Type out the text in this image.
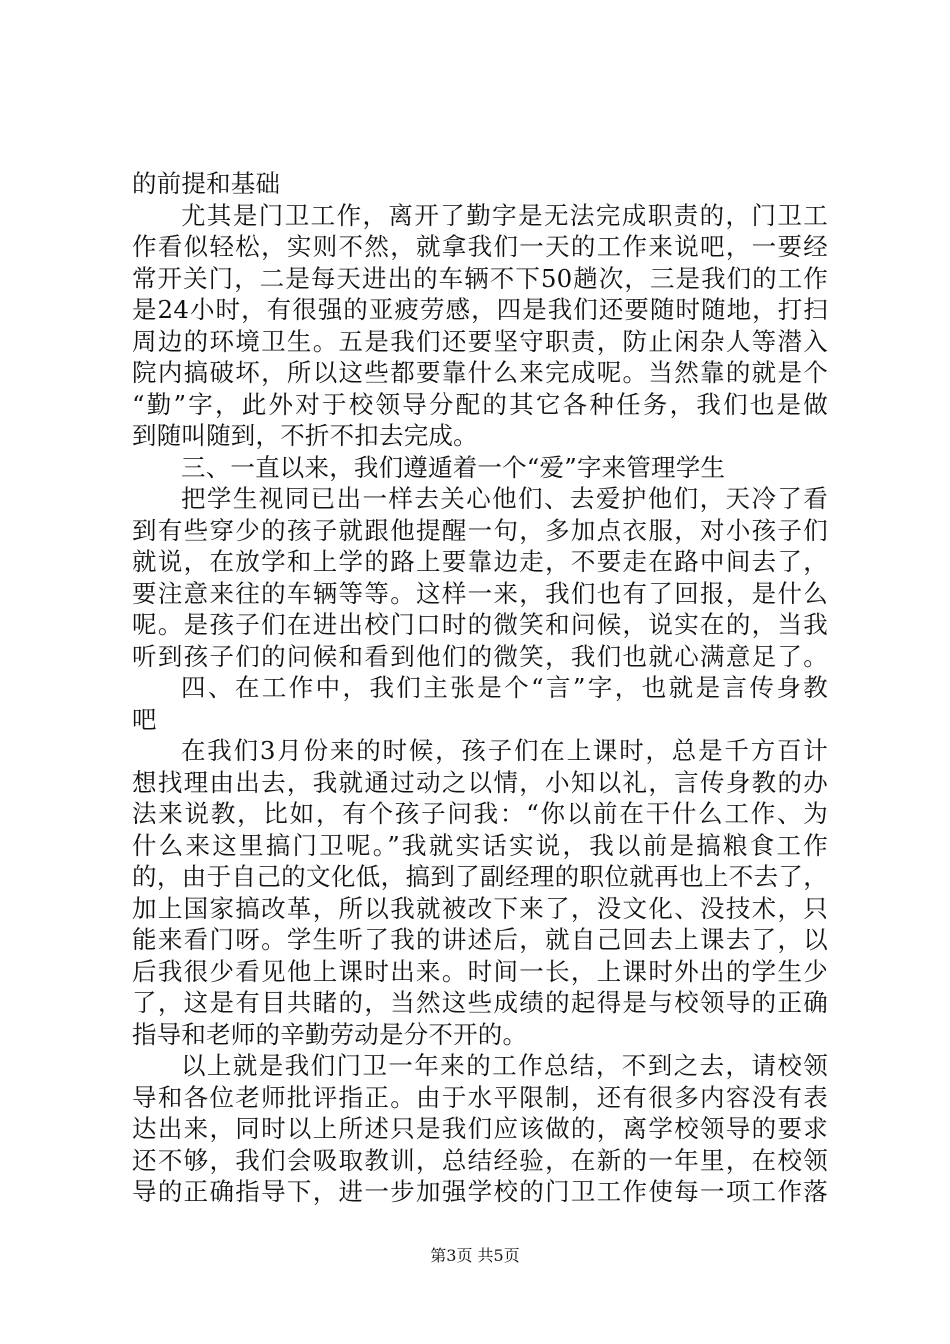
的前提和基础
尤其是门卫工作，离开了勤字是无法完成职责的，门卫工
作看似轻松，实则不然，就拿我们一天的工作来说吧，一要经
常开关门，二是每天进出的车辆不下50趟次，三是我们的工作
是24小时，有很强的亚疲劳感，四是我们还要随时随地，打扫
周边的环境卫生。五是我们还要坚守职责，防止闲杂人等潜入
院内搞破坏，所以这些都要靠什么来完成呢。当然靠的就是个
“勤”字，此外对于校领导分配的其它各种任务，我们也是做
到随叫随到，不折不扣去完成。
三、一直以来，我们遵遁着一个“爱”字来管理学生
把学生视同已出一样去关心他们、去爱护他们，天冷了看
到有些穿少的孩子就跟他提醒一句，多加点衣服，对小孩子们
就说，在放学和上学的路上要靠边走，不要走在路中间去了，
要注意来往的车辆等等。这样一来，我们也有了回报，是什么
呢。是孩子们在进出校门口时的微笑和问候，说实在的，当我
听到孩子们的问候和看到他们的微笑，我们也就心满意足了。
四、在工作中，我们主张是个“言”字，也就是言传身教
吧
在我们3月份来的时候，孩子们在上课时，总是千方百计
想找理由出去，我就通过动之以情，小知以礼，言传身教的办
法来说教，比如，有个孩子问我：“你以前在干什么工作、为
什么来这里搞门卫呢。”我就实话实说，我以前是搞粮食工作
的，由于自己的文化低，搞到了副经理的职位就再也上不去了，
加上国家搞改革，所以我就被改下来了，没文化、没技术，只
能来看门呀。学生听了我的讲述后，就自己回去上课去了，以
后我很少看见他上课时出来。时间一长，上课时外出的学生少
了，这是有目共睹的，当然这些成绩的起得是与校领导的正确
指导和老师的辛勤劳动是分不开的。
以上就是我们门卫一年来的工作总结，不到之去，请校领
导和各位老师批评指正。由于水平限制，还有很多内容没有表
达出来，同时以上所述只是我们应该做的，离学校领导的要求
还不够，我们会吸取教训，总结经验，在新的一年里，在校领
导的正确指导下，进一步加强学校的门卫工作使每一项工作落
第3页 共5页
